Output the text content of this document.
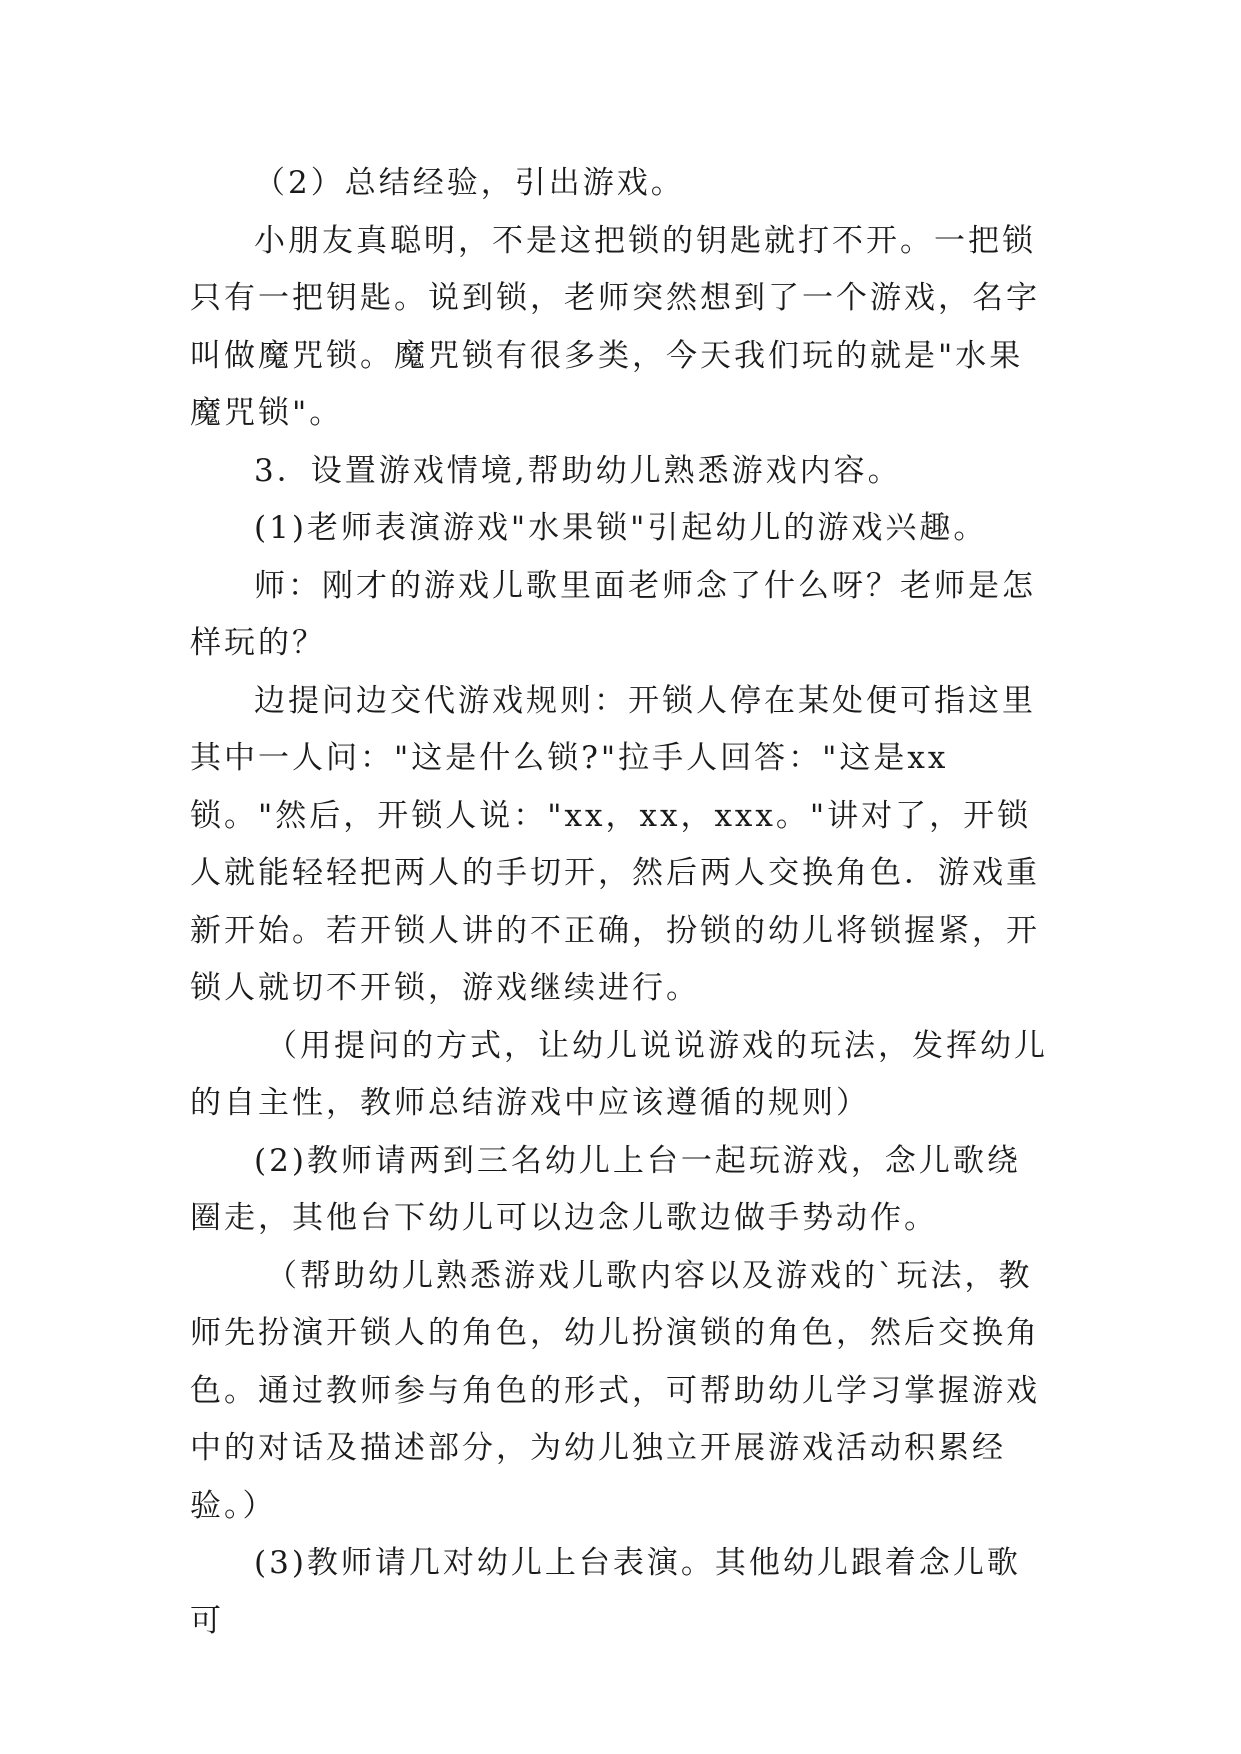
（2）总结经验，引出游戏。

小朋友真聪明，不是这把锁的钥匙就打不开。一把锁只有一把钥匙。说到锁，老师突然想到了一个游戏，名字叫做魔咒锁。魔咒锁有很多类，今天我们玩的就是"水果魔咒锁"。

3．设置游戏情境,帮助幼儿熟悉游戏内容。

(1)老师表演游戏"水果锁"引起幼儿的游戏兴趣。

师：刚才的游戏儿歌里面老师念了什么呀？老师是怎样玩的？

边提问边交代游戏规则：开锁人停在某处便可指这里其中一人问："这是什么锁?"拉手人回答："这是xx锁。"然后，开锁人说："xx，xx，xxx。"讲对了，开锁人就能轻轻把两人的手切开，然后两人交换角色．游戏重新开始。若开锁人讲的不正确，扮锁的幼儿将锁握紧，开锁人就切不开锁，游戏继续进行。

（用提问的方式，让幼儿说说游戏的玩法，发挥幼儿的自主性，教师总结游戏中应该遵循的规则）

(2)教师请两到三名幼儿上台一起玩游戏，念儿歌绕圈走，其他台下幼儿可以边念儿歌边做手势动作。

（帮助幼儿熟悉游戏儿歌内容以及游戏的`玩法，教师先扮演开锁人的角色，幼儿扮演锁的角色，然后交换角色。通过教师参与角色的形式，可帮助幼儿学习掌握游戏中的对话及描述部分，为幼儿独立开展游戏活动积累经验。）

(3)教师请几对幼儿上台表演。其他幼儿跟着念儿歌可
